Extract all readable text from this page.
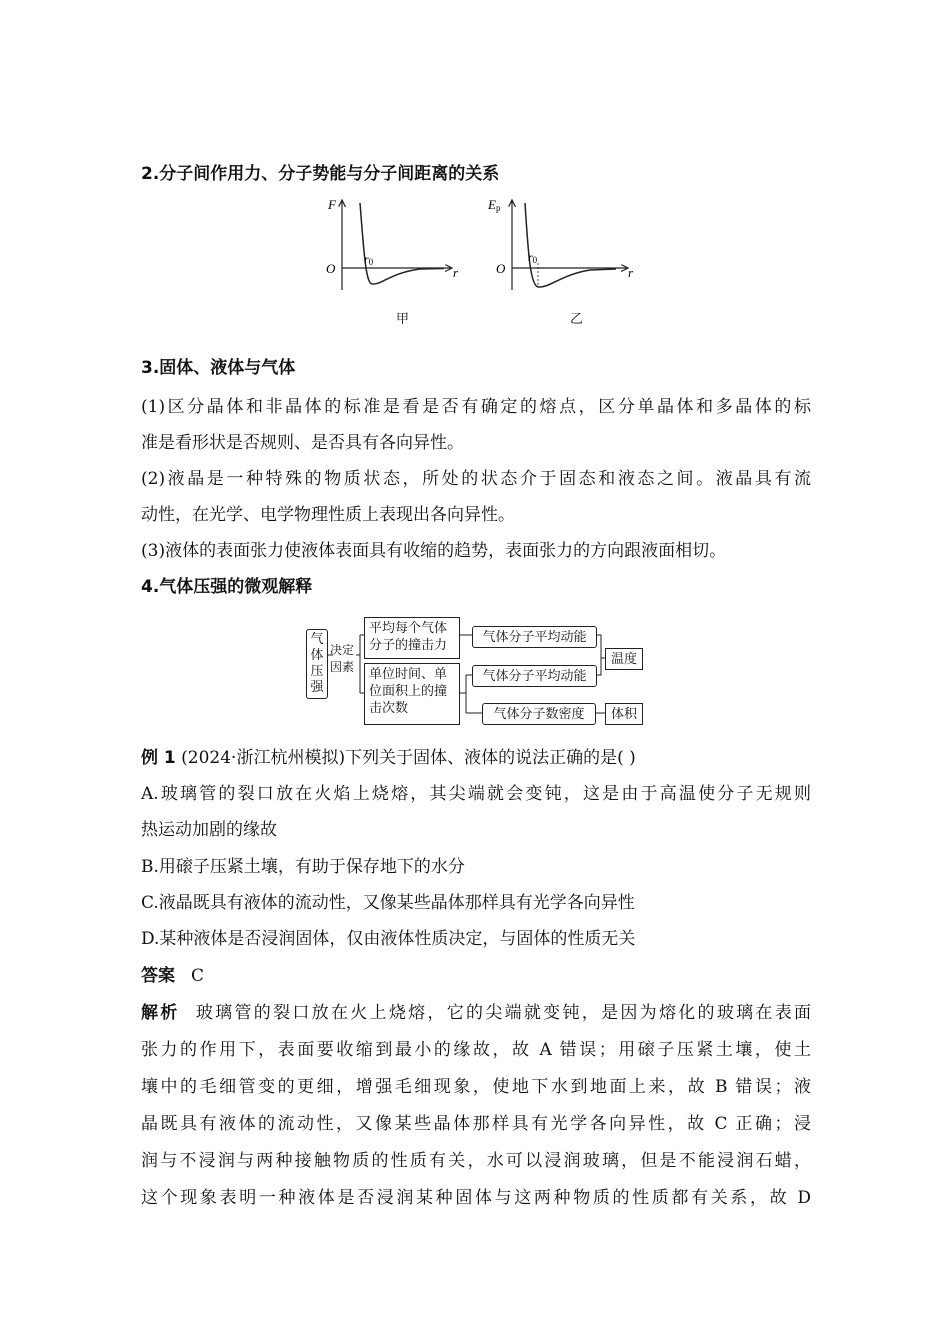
2.分子间作用力、分子势能与分子间距离的关系
F
O	r
r0
Ep
O	r
r0
甲	乙
3.固体、液体与气体
(1)区分晶体和非晶体的标准是看是否有确定的熔点，区分单晶体和多晶体的标
准是看形状是否规则、是否具有各向异性。
(2)液晶是一种特殊的物质状态，所处的状态介于固态和液态之间。液晶具有流
动性，在光学、电学物理性质上表现出各向异性。
(3)液体的表面张力使液体表面具有收缩的趋势，表面张力的方向跟液面相切。
4.气体压强的微观解释
气体压强
决定因素
平均每个气体分子的撞击力
单位时间、单位面积上的撞击次数
气体分子平均动能
气体分子平均动能
气体分子数密度
温度
体积
例 1 (2024·浙江杭州模拟)下列关于固体、液体的说法正确的是( )
A.玻璃管的裂口放在火焰上烧熔，其尖端就会变钝，这是由于高温使分子无规则
热运动加剧的缘故
B.用磙子压紧土壤，有助于保存地下的水分
C.液晶既具有液体的流动性，又像某些晶体那样具有光学各向异性
D.某种液体是否浸润固体，仅由液体性质决定，与固体的性质无关
答案 C
解析 玻璃管的裂口放在火上烧熔，它的尖端就变钝，是因为熔化的玻璃在表面
张力的作用下，表面要收缩到最小的缘故，故 A 错误；用磙子压紧土壤，使土
壤中的毛细管变的更细，增强毛细现象，使地下水到地面上来，故 B 错误；液
晶既具有液体的流动性，又像某些晶体那样具有光学各向异性，故 C 正确；浸
润与不浸润与两种接触物质的性质有关，水可以浸润玻璃，但是不能浸润石蜡，
这个现象表明一种液体是否浸润某种固体与这两种物质的性质都有关系，故 D
